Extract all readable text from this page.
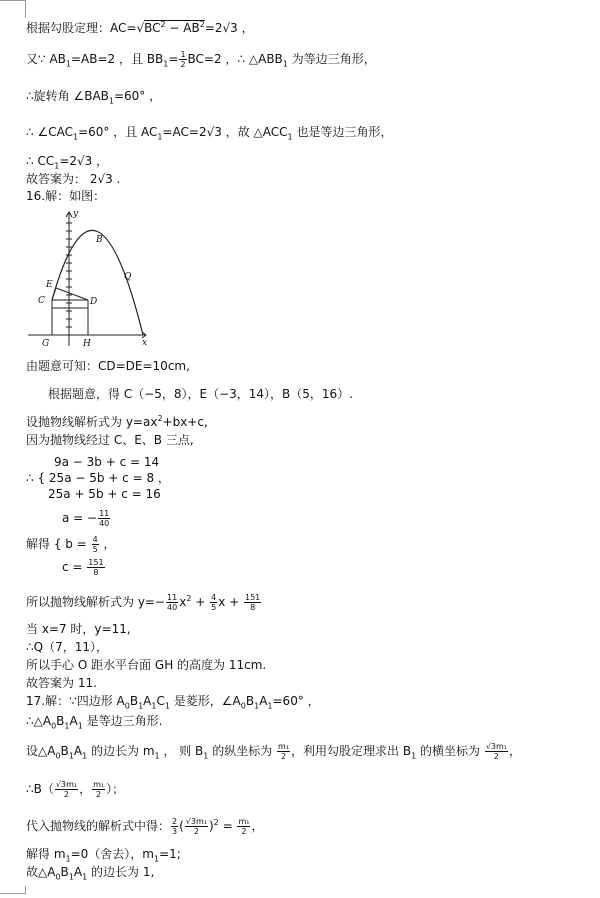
根据勾股定理：$AC=√BC^2 - AB^2=2√3$ ，
又∵ $AB_1=AB=2$ ，且 $BB_1= \frac{1}{2} BC=2$ ，∴ $\triangle ABB_1$ 为等边三角形，
∴旋转角 $\angle BAB_1=60^\circ$ ，
∴ $\angle CAC_1=60^\circ$ ，且 $AC_1=AC=2√3$ ，故 $\triangle ACC_1$ 也是等边三角形，
∴ $CC_1=2√3$ ，
故答案为： 2√3 .
16.解：如图：
y
x
B
Q
E
C	D
G	H
由题意可知：CD=DE=10cm,
根据题意，得 C（−5，8），E（−3，14），B（5，16）.
设抛物线解析式为 $y=ax^2+bx+c$,
因为抛物线经过 C、E、B 三点,
9a − 3b + c = 14
∴ { 25a − 5b + c = 8 ，
25a + 5b + c = 16
a = − $\frac{11}{40}$
解得 { $b = \frac{4}{5}$ ，
$c = \frac{151}{8}$
所以抛物线解析式为 $y=- \frac{11}{40} x^2 + \frac{4}{5}$ $x + \frac{151}{8}$
当 x=7 时，y=11,
∴Q（7，11），
所以手心 O 距水平台面 GH 的高度为 11cm.
故答案为 11.
17.解：∵四边形 $A_0B_1A_1C_1$ 是菱形，$\angle A_0B_1A_1=60^\circ$ ，
$\therefore\triangle A_0B_1A_1$ 是等边三角形.
设$\triangle A_0B_1A_1$ 的边长为 $m_1$ ， 则 $B_1$ 的纵坐标为 $\frac{\text{m₁}}{2}$ ，利用勾股定理求出 $B_1$ 的横坐标为 $\frac{\text{√3m₁}}{2}$ ，
∴B（ $\frac{\text{√3m₁}}{2}$ ， $\frac{\text{m₁}}{2}$ ）；
代入抛物线的解析式中得： $\frac{2}{3}$ ( $\frac{\text{√3m₁}}{2} )^2 = \frac{\text{m₁}}{2}$ ，
解得 $m_1=0$（舍去），$m_1=1$;
故$\triangle A_0B_1A_1$ 的边长为 1,
